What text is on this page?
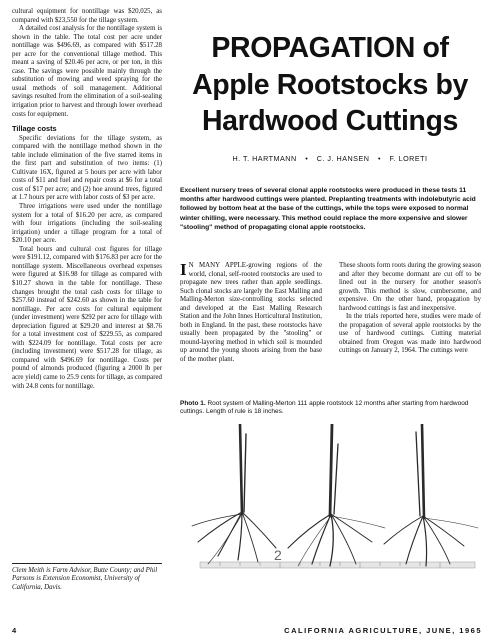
cultural equipment for nontillage was $20,025, as compared with $23,550 for the tillage system.

A detailed cost analysis for the nontillage system is shown in the table. The total cost per acre under nontillage was $496.69, as compared with $517.28 per acre for the conventional tillage method. This meant a saving of $20.46 per acre, or per ton, in this case. The savings were possible mainly through the substitution of mowing and weed spraying for the usual methods of soil management. Additional savings resulted from the elimination of a soil-sealing irrigation prior to harvest and through lower overhead costs for equipment.

Tillage costs

Specific deviations for the tillage system, as compared with the nontillage method shown in the table include elimination of the five starred items in the first part and substitution of two items: (1) Cultivate 16X, figured at 5 hours per acre with labor costs of $11 and fuel and repair costs at $6 for a total cost of $17 per acre; and (2) hoe around trees, figured at 1.7 hours per acre with labor costs of $3 per acre.

Three irrigations were used under the nontillage system for a total of $16.20 per acre, as compared with four irrigations (including the soil-sealing irrigation) under a tillage program for a total of $20.10 per acre.

Total hours and cultural cost figures for tillage were $191.12, compared with $176.83 per acre for the nontillage system. Miscellaneous overhead expenses were figured at $16.98 for tillage as compared with $10.27 shown in the table for nontillage. These changes brought the total cash costs for tillage to $257.60 instead of $242.60 as shown in the table for nontillage. Per acre costs for cultural equipment (under investment) were $292 per acre for tillage with depreciation figured at $29.20 and interest at $8.76 for a total investment cost of $229.55, as compared with $224.09 for nontillage. Total costs per acre (including investment) were $517.28 for tillage, as compared with $496.69 for nontillage. Costs per pound of almonds produced (figuring a 2000 lb per acre yield) came to 25.9 cents for tillage, as compared with 24.8 cents for nontillage.

Clem Meith is Farm Advisor, Butte County; and Phil Parsons is Extension Economist, University of California, Davis.
PROPAGATION of
Apple Rootstocks by
Hardwood Cuttings
H. T. HARTMANN • C. J. HANSEN • F. LORETI
Excellent nursery trees of several clonal apple rootstocks were produced in these tests 11 months after hardwood cuttings were planted. Preplanting treatments with indolebutyric acid followed by bottom heat at the base of the cuttings, while the tops were exposed to normal winter chilling, were necessary. This method could replace the more expensive and slower "stooling" method of propagating clonal apple rootstocks.

I N MANY APPLE-growing regions of the world, clonal, self-rooted rootstocks are used to propagate new trees rather than apple seedlings. Such clonal stocks are largely the East Malling and Malling-Merton size-controlling stocks selected and developed at the East Malling Research Station and the John Innes Horticultural Institution, both in England. In the past, these rootstocks have usually been propagated by the "stooling" or mound-layering method in which soil is mounded up around the young shoots arising from the base of the mother plant.

These shoots form roots during the growing season and after they become dormant are cut off to be lined out in the nursery for another season's growth. This method is slow, cumbersome, and expensive. On the other hand, propagation by hardwood cuttings is fast and inexpensive.

In the trials reported here, studies were made of the propagation of several apple rootstocks by the use of hardwood cuttings. Cutting material obtained from Oregon was made into hardwood cuttings on January 2, 1964. The cuttings were

Photo 1. Root system of Malling-Merton 111 apple rootstock 12 months after starting from hardwood cuttings. Length of rule is 18 inches.
2
4	CALIFORNIA AGRICULTURE, JUNE, 1965
